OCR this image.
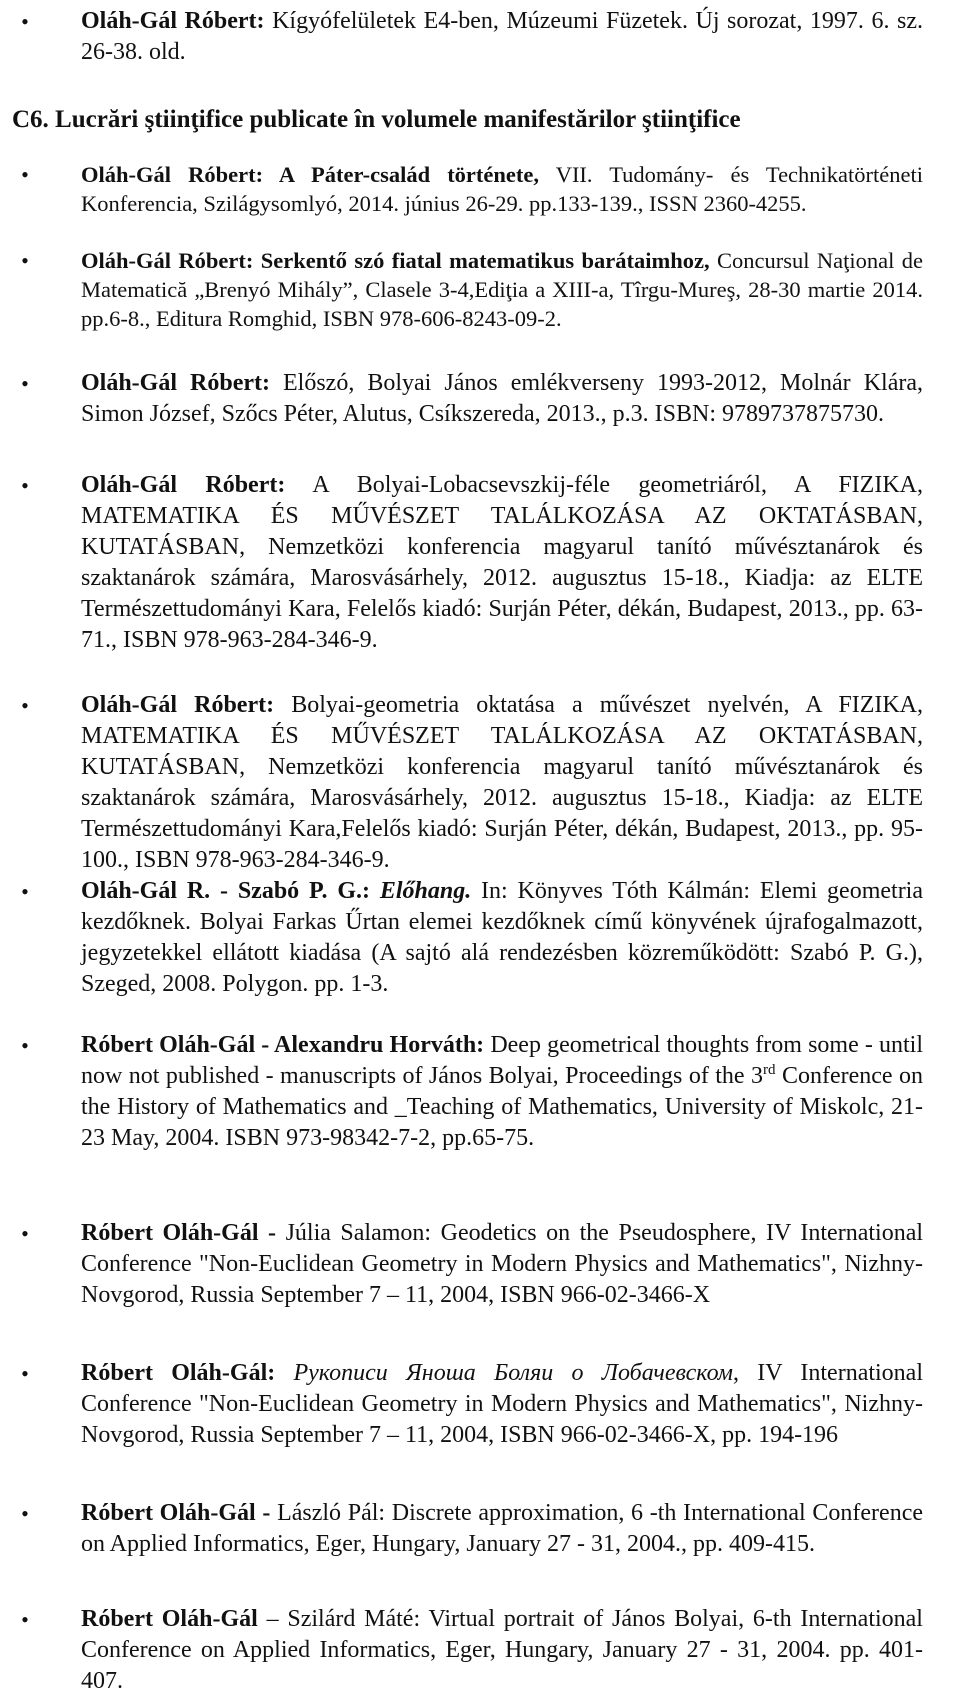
• Oláh-Gál Róbert: Kígyófelületek E4-ben, Múzeumi Füzetek. Új sorozat, 1997. 6. sz. 26-38. old.
C6. Lucrări ştiinţifice publicate în volumele manifestărilor ştiinţifice
• Oláh-Gál Róbert: A Páter-család története, VII. Tudomány- és Technikatörténeti Konferencia, Szilágysomlyó, 2014. június 26-29. pp.133-139., ISSN 2360-4255.
• Oláh-Gál Róbert: Serkentő szó fiatal matematikus barátaimhoz, Concursul Naţional de Matematică „Brenyó Mihály”, Clasele 3-4,Ediţia a XIII-a, Tîrgu-Mureş, 28-30 martie 2014. pp.6-8., Editura Romghid, ISBN 978-606-8243-09-2.
• Oláh-Gál Róbert: Előszó, Bolyai János emlékverseny 1993-2012, Molnár Klára, Simon József, Szőcs Péter, Alutus, Csíkszereda, 2013., p.3. ISBN: 9789737875730.
• Oláh-Gál Róbert: A Bolyai-Lobacsevszkij-féle geometriáról, A FIZIKA, MATEMATIKA ÉS MŰVÉSZET TALÁLKOZÁSA AZ OKTATÁSBAN, KUTATÁSBAN, Nemzetközi konferencia magyarul tanító művésztanárok és szaktanárok számára, Marosvásárhely, 2012. augusztus 15-18., Kiadja: az ELTE Természettudományi Kara, Felelős kiadó: Surján Péter, dékán, Budapest, 2013., pp. 63-71., ISBN 978-963-284-346-9.
• Oláh-Gál Róbert: Bolyai-geometria oktatása a művészet nyelvén, A FIZIKA, MATEMATIKA ÉS MŰVÉSZET TALÁLKOZÁSA AZ OKTATÁSBAN, KUTATÁSBAN, Nemzetközi konferencia magyarul tanító művésztanárok és szaktanárok számára, Marosvásárhely, 2012. augusztus 15-18., Kiadja: az ELTE Természettudományi Kara,Felelős kiadó: Surján Péter, dékán, Budapest, 2013., pp. 95-100., ISBN 978-963-284-346-9.
• Oláh-Gál R. - Szabó P. G.: Előhang. In: Könyves Tóth Kálmán: Elemi geometria kezdőknek. Bolyai Farkas Űrtan elemei kezdőknek című könyvének újrafogalmazott, jegyzetekkel ellátott kiadása (A sajtó alá rendezésben közreműködött: Szabó P. G.), Szeged, 2008. Polygon. pp. 1-3.
• Róbert Oláh-Gál - Alexandru Horváth: Deep geometrical thoughts from some - until now not published - manuscripts of János Bolyai, Proceedings of the 3rd Conference on the History of Mathematics and _Teaching of Mathematics, University of Miskolc, 21-23 May, 2004. ISBN 973-98342-7-2, pp.65-75.
• Róbert Oláh-Gál - Júlia Salamon: Geodetics on the Pseudosphere, IV International Conference "Non-Euclidean Geometry in Modern Physics and Mathematics", Nizhny-Novgorod, Russia September 7 – 11, 2004, ISBN 966-02-3466-X
• Róbert Oláh-Gál: Рукописи Яноша Боляи о Лобачевском, IV International Conference "Non-Euclidean Geometry in Modern Physics and Mathematics", Nizhny-Novgorod, Russia September 7 – 11, 2004, ISBN 966-02-3466-X, pp. 194-196
• Róbert Oláh-Gál - László Pál: Discrete approximation, 6 -th International Conference on Applied Informatics, Eger, Hungary, January 27 - 31, 2004., pp. 409-415.
• Róbert Oláh-Gál – Szilárd Máté: Virtual portrait of János Bolyai, 6-th International Conference on Applied Informatics, Eger, Hungary, January 27 - 31, 2004. pp. 401-407.
